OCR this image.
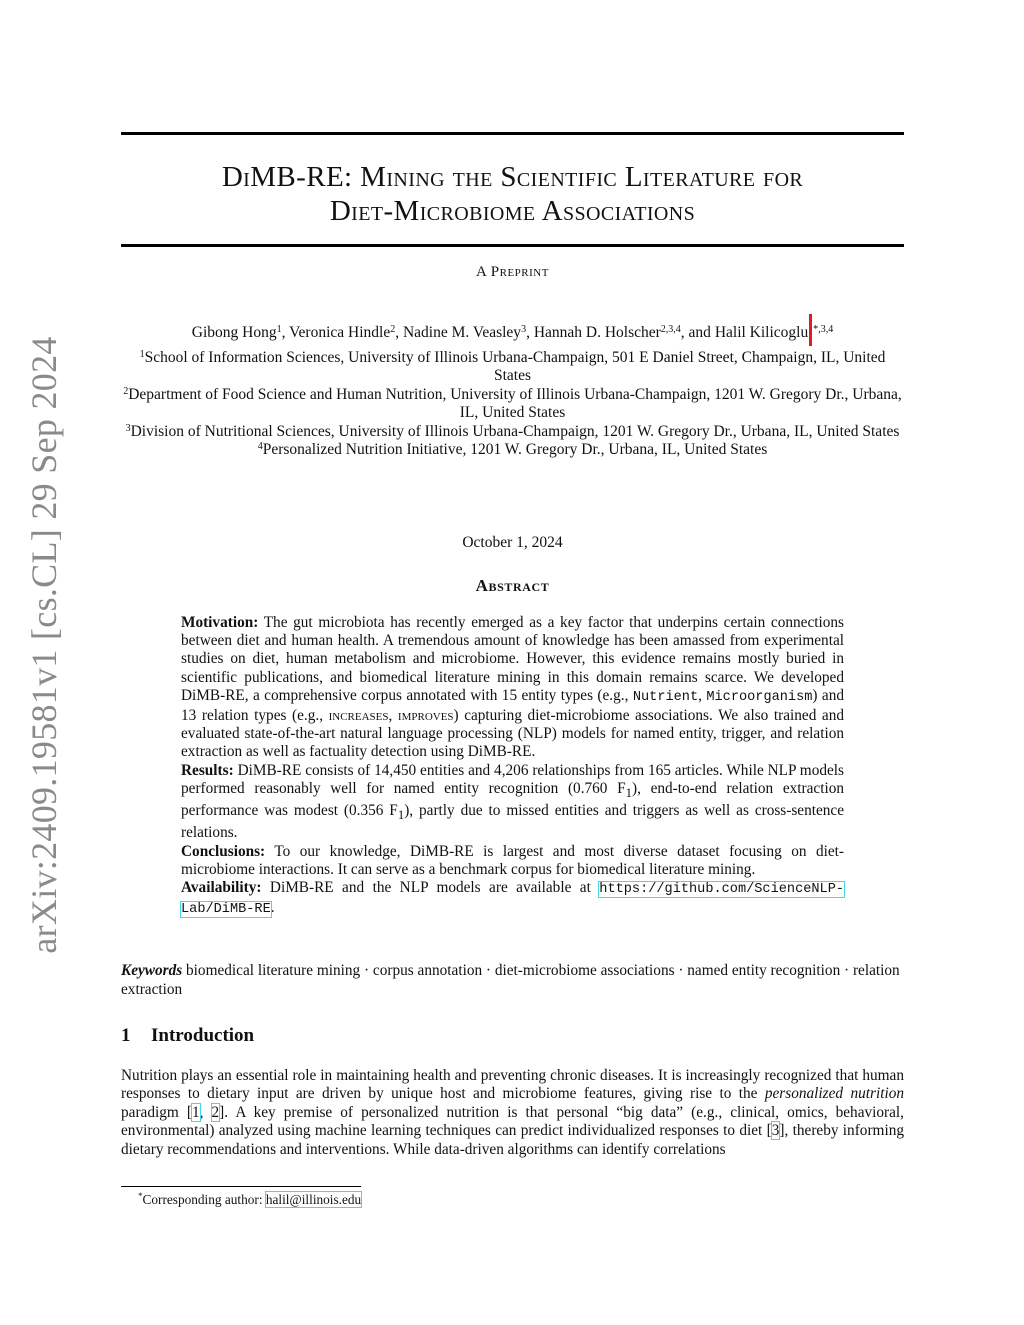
arXiv:2409.19581v1 [cs.CL] 29 Sep 2024
DiMB-RE: Mining the Scientific Literature for
Diet-Microbiome Associations
A Preprint
Gibong Hong$^1$, Veronica Hindle$^2$, Nadine M. Veasley$^3$, Hannah D. Holscher$^{2,3,4}$, and Halil Kilicoglu $^{*,3,4}$

$^1$School of Information Sciences, University of Illinois Urbana-Champaign, 501 E Daniel Street, Champaign, IL, United States

$^2$Department of Food Science and Human Nutrition, University of Illinois Urbana-Champaign, 1201 W. Gregory Dr., Urbana, IL, United States

$^3$Division of Nutritional Sciences, University of Illinois Urbana-Champaign, 1201 W. Gregory Dr., Urbana, IL, United States

$^4$Personalized Nutrition Initiative, 1201 W. Gregory Dr., Urbana, IL, United States

October 1, 2024
Abstract

Motivation: The gut microbiota has recently emerged as a key factor that underpins certain connections between diet and human health. A tremendous amount of knowledge has been amassed from experimental studies on diet, human metabolism and microbiome. However, this evidence remains mostly buried in scientific publications, and biomedical literature mining in this domain remains scarce. We developed DiMB-RE, a comprehensive corpus annotated with 15 entity types (e.g., Nutrient, Microorganism) and 13 relation types (e.g., increases, improves) capturing diet-microbiome associations. We also trained and evaluated state-of-the-art natural language processing (NLP) models for named entity, trigger, and relation extraction as well as factuality detection using DiMB-RE.

Results: DiMB-RE consists of 14,450 entities and 4,206 relationships from 165 articles. While NLP models performed reasonably well for named entity recognition (0.760 $F_1$), end-to-end relation extraction performance was modest (0.356 $F_1$), partly due to missed entities and triggers as well as cross-sentence relations.

Conclusions: To our knowledge, DiMB-RE is largest and most diverse dataset focusing on diet-microbiome interactions. It can serve as a benchmark corpus for biomedical literature mining.

Availability: DiMB-RE and the NLP models are available at https://github.com/ScienceNLP-Lab/DiMB-RE.

Keywords biomedical literature mining · corpus annotation · diet-microbiome associations · named entity recognition · relation extraction
1 Introduction

Nutrition plays an essential role in maintaining health and preventing chronic diseases. It is increasingly recognized that human responses to dietary input are driven by unique host and microbiome features, giving rise to the personalized nutrition paradigm [1, 2]. A key premise of personalized nutrition is that personal “big data” (e.g., clinical, omics, behavioral, environmental) analyzed using machine learning techniques can predict individualized responses to diet [3], thereby informing dietary recommendations and interventions. While data-driven algorithms can identify correlations

*Corresponding author: halil@illinois.edu
